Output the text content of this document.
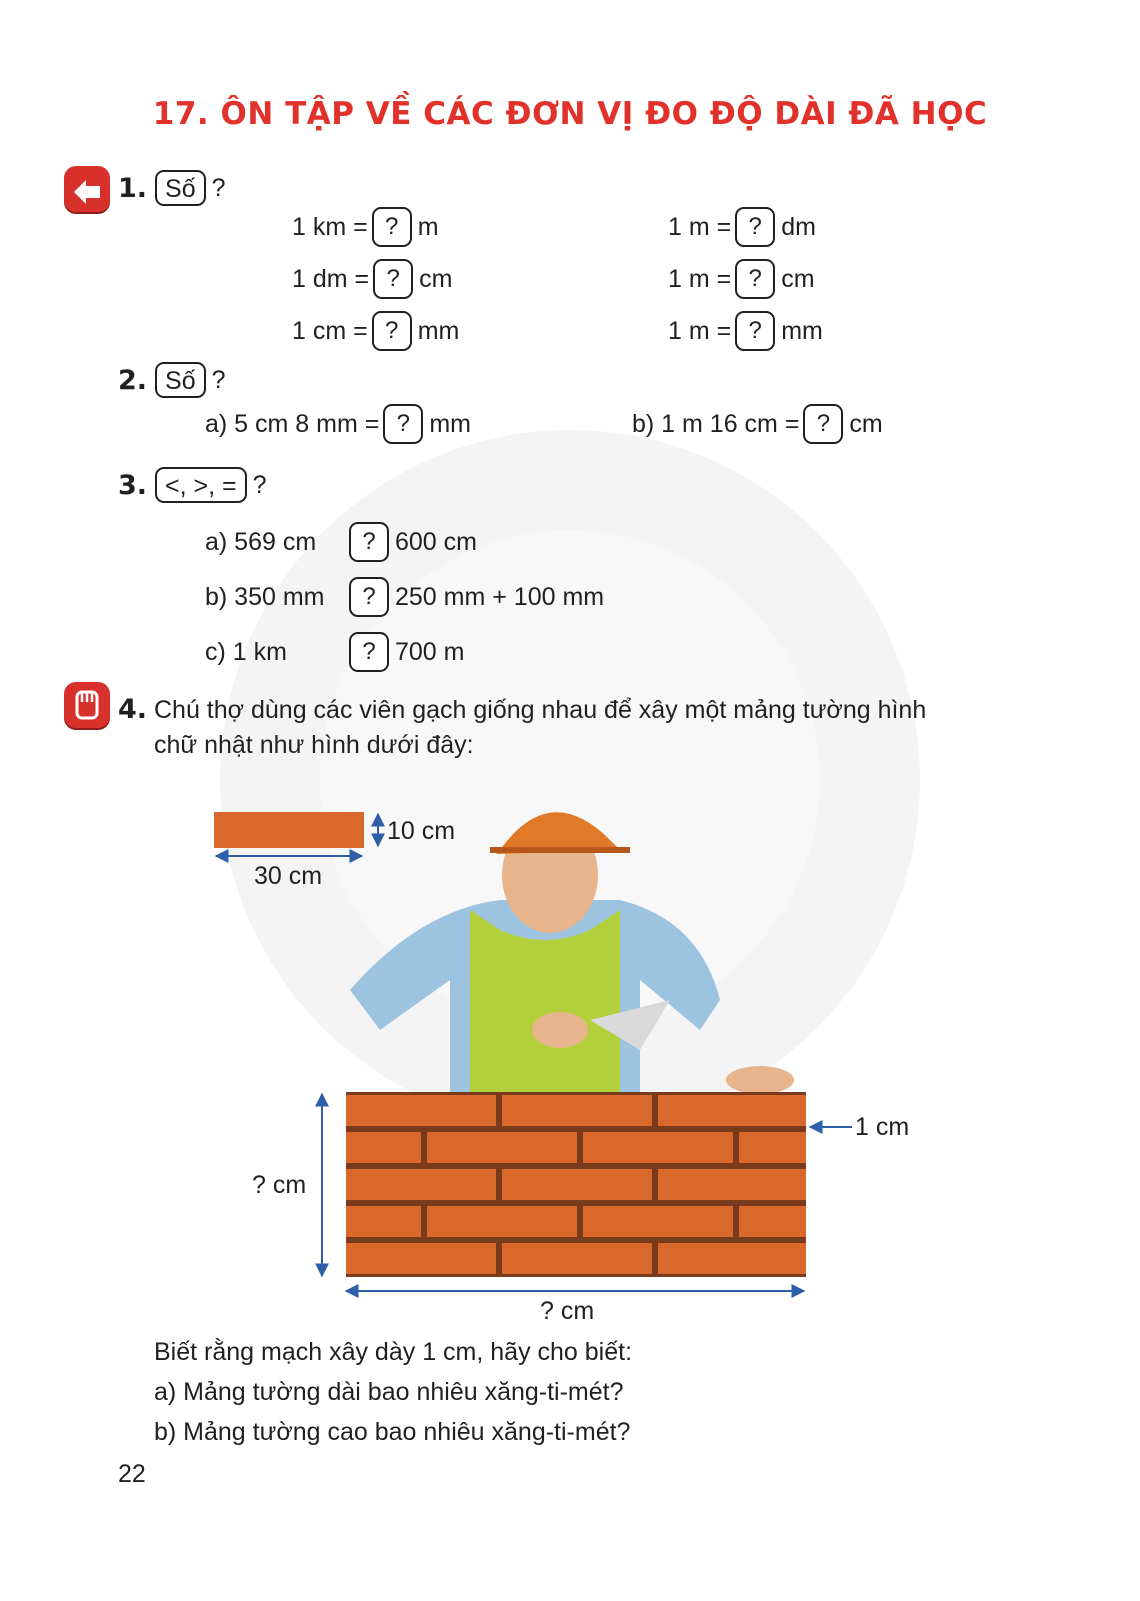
17. ÔN TẬP VỀ CÁC ĐƠN VỊ ĐO ĐỘ DÀI ĐÃ HỌC
1. Số ?
1 km = ? m
1 dm = ? cm
1 cm = ? mm
1 m = ? dm
1 m = ? cm
1 m = ? mm
2. Số ?
a) 5 cm 8 mm = ? mm	b) 1 m 16 cm = ? cm
3. <, >, = ?
a) 569 cm	? 600 cm
b) 350 mm	? 250 mm + 100 mm
c) 1 km	? 700 m
4. Chú thợ dùng các viên gạch giống nhau để xây một mảng tường hình
chữ nhật như hình dưới đây:
10 cm
30 cm
? cm
1 cm
? cm
Biết rằng mạch xây dày 1 cm, hãy cho biết:
a) Mảng tường dài bao nhiêu xăng-ti-mét?
b) Mảng tường cao bao nhiêu xăng-ti-mét?
22
